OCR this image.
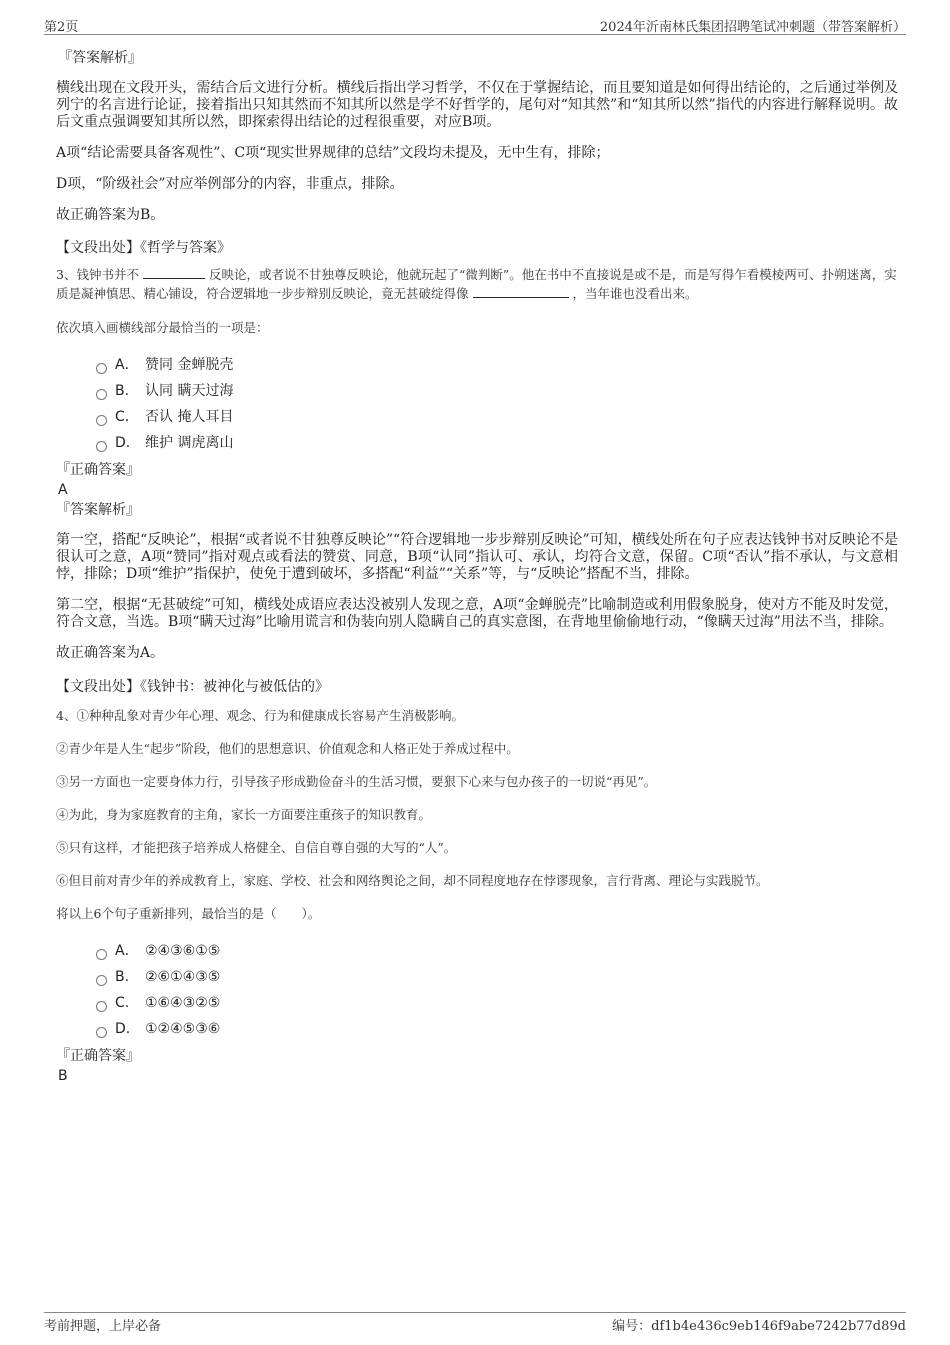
第2页	2024年沂南林氏集团招聘笔试冲刺题（带答案解析）

『答案解析』

横线出现在文段开头，需结合后文进行分析。横线后指出学习哲学，不仅在于掌握结论，而且要知道是如何得出结论的，之后通过举例及列宁的名言进行论证，接着指出只知其然而不知其所以然是学不好哲学的，尾句对“知其然”和“知其所以然”指代的内容进行解释说明。故后文重点强调要知其所以然，即探索得出结论的过程很重要，对应B项。

A项“结论需要具备客观性”、C项“现实世界规律的总结”文段均未提及，无中生有，排除；

D项，“阶级社会”对应举例部分的内容，非重点，排除。

故正确答案为B。

【文段出处】《哲学与答案》

3、钱钟书并不	反映论，或者说不甘独尊反映论，他就玩起了“微判断”。他在书中不直接说是或不是，而是写得乍看模棱两可、扑朔迷离，实质是凝神慎思、精心铺设，符合逻辑地一步步辩别反映论，竟无甚破绽得像	，当年谁也没看出来。

依次填入画横线部分最恰当的一项是：

A． 赞同 金蝉脱壳
B.	认同 瞒天过海
C.	否认 掩人耳目
D.	维护 调虎离山

『正确答案』

A

『答案解析』

第一空，搭配“反映论”，根据“或者说不甘独尊反映论”“符合逻辑地一步步辩别反映论”可知，横线处所在句子应表达钱钟书对反映论不是很认可之意，A项“赞同”指对观点或看法的赞赏、同意，B项“认同”指认可、承认，均符合文意，保留。C项“否认”指不承认，与文意相悖，排除；D项“维护”指保护，使免于遭到破坏，多搭配“利益”“关系”等，与“反映论”搭配不当，排除。

第二空，根据“无甚破绽”可知，横线处成语应表达没被别人发现之意，A项“金蝉脱壳”比喻制造或利用假象脱身，使对方不能及时发觉，符合文意，当选。B项“瞒天过海”比喻用谎言和伪装向别人隐瞒自己的真实意图，在背地里偷偷地行动，“像瞒天过海”用法不当，排除。

故正确答案为A。

【文段出处】《钱钟书：被神化与被低估的》

4、①种种乱象对青少年心理、观念、行为和健康成长容易产生消极影响。

②青少年是人生“起步”阶段，他们的思想意识、价值观念和人格正处于养成过程中。

③另一方面也一定要身体力行，引导孩子形成勤俭奋斗的生活习惯，要狠下心来与包办孩子的一切说“再见”。

④为此，身为家庭教育的主角，家长一方面要注重孩子的知识教育。

⑤只有这样，才能把孩子培养成人格健全、自信自尊自强的大写的“人”。

⑥但目前对青少年的养成教育上，家庭、学校、社会和网络舆论之间，却不同程度地存在悖谬现象，言行背离、理论与实践脱节。

将以上6个句子重新排列，最恰当的是（　　）。

A． ②④③⑥①⑤
B.	②⑥①④③⑤
C.	①⑥④③②⑤
D.	①②④⑤③⑥

『正确答案』

B

考前押题，上岸必备	编号：df1b4e436c9eb146f9abe7242b77d89d
